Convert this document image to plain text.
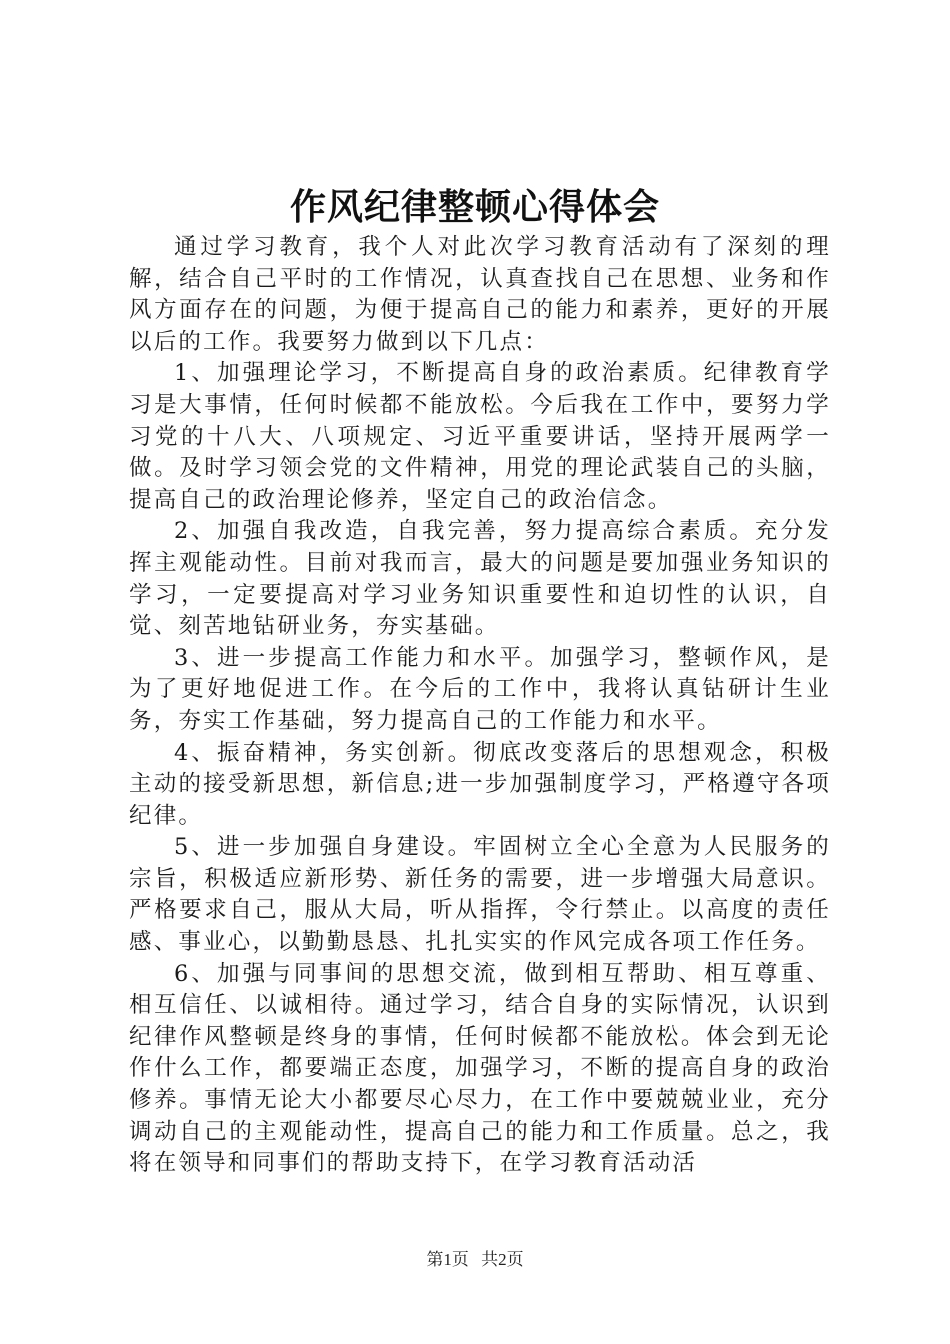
作风纪律整顿心得体会

通过学习教育，我个人对此次学习教育活动有了深刻的理解，结合自己平时的工作情况，认真查找自己在思想、业务和作风方面存在的问题，为便于提高自己的能力和素养，更好的开展以后的工作。我要努力做到以下几点：

1、加强理论学习，不断提高自身的政治素质。纪律教育学习是大事情，任何时候都不能放松。今后我在工作中，要努力学习党的十八大、八项规定、习近平重要讲话，坚持开展两学一做。及时学习领会党的文件精神，用党的理论武装自己的头脑，提高自己的政治理论修养，坚定自己的政治信念。

2、加强自我改造，自我完善，努力提高综合素质。充分发挥主观能动性。目前对我而言，最大的问题是要加强业务知识的学习，一定要提高对学习业务知识重要性和迫切性的认识，自觉、刻苦地钻研业务，夯实基础。

3、进一步提高工作能力和水平。加强学习，整顿作风，是为了更好地促进工作。在今后的工作中，我将认真钻研计生业务，夯实工作基础，努力提高自己的工作能力和水平。

4、振奋精神，务实创新。彻底改变落后的思想观念，积极主动的接受新思想，新信息;进一步加强制度学习，严格遵守各项纪律。

5、进一步加强自身建设。牢固树立全心全意为人民服务的宗旨，积极适应新形势、新任务的需要，进一步增强大局意识。严格要求自己，服从大局，听从指挥，令行禁止。以高度的责任感、事业心，以勤勤恳恳、扎扎实实的作风完成各项工作任务。

6、加强与同事间的思想交流，做到相互帮助、相互尊重、相互信任、以诚相待。通过学习，结合自身的实际情况，认识到纪律作风整顿是终身的事情，任何时候都不能放松。体会到无论作什么工作，都要端正态度，加强学习，不断的提高自身的政治修养。事情无论大小都要尽心尽力，在工作中要兢兢业业，充分调动自己的主观能动性，提高自己的能力和工作质量。总之，我将在领导和同事们的帮助支持下，在学习教育活动活

第1页 共2页
